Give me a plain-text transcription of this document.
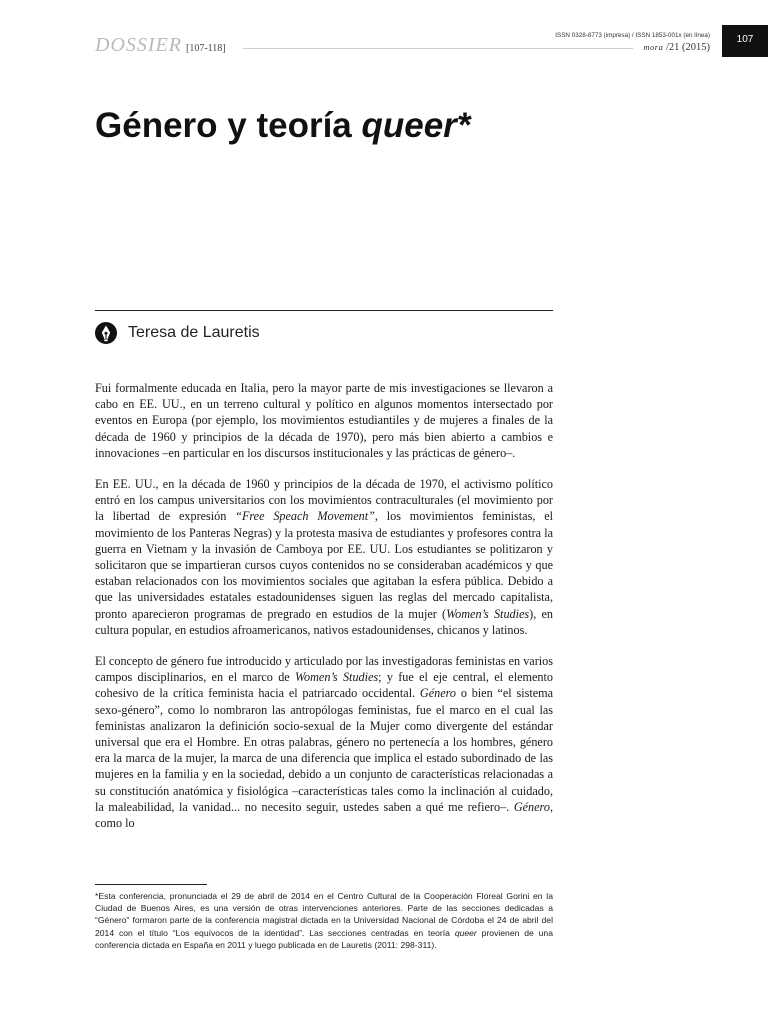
DOSSIER [107-118]
ISSN 0328-8773 (impresa) / ISSN 1853-001x (en línea)
mora /21 (2015)
107
Género y teoría queer*
Teresa de Lauretis

Fui formalmente educada en Italia, pero la mayor parte de mis investigaciones se llevaron a cabo en EE. UU., en un terreno cultural y político en algunos momentos intersectado por eventos en Europa (por ejemplo, los movimientos estudiantiles y de mujeres a finales de la década de 1960 y principios de la década de 1970), pero más bien abierto a cambios e innovaciones –en particular en los discursos institucionales y las prácticas de género–.

En EE. UU., en la década de 1960 y principios de la década de 1970, el activismo político entró en los campus universitarios con los movimientos contraculturales (el movimiento por la libertad de expresión “Free Speach Movement”, los movimientos feministas, el movimiento de los Panteras Negras) y la protesta masiva de estudiantes y profesores contra la guerra en Vietnam y la invasión de Camboya por EE. UU. Los estudiantes se politizaron y solicitaron que se impartieran cursos cuyos contenidos no se consideraban académicos y que estaban relacionados con los movimientos sociales que agitaban la esfera pública. Debido a que las universidades estatales estadounidenses siguen las reglas del mercado capitalista, pronto aparecieron programas de pregrado en estudios de la mujer (Women’s Studies), en cultura popular, en estudios afroamericanos, nativos estadounidenses, chicanos y latinos.

El concepto de género fue introducido y articulado por las investigadoras feministas en varios campos disciplinarios, en el marco de Women’s Studies; y fue el eje central, el elemento cohesivo de la crítica feminista hacia el patriarcado occidental. Género o bien “el sistema sexo-género”, como lo nombraron las antropólogas feministas, fue el marco en el cual las feministas analizaron la definición socio-sexual de la Mujer como divergente del estándar universal que era el Hombre. En otras palabras, género no pertenecía a los hombres, género era la marca de la mujer, la marca de una diferencia que implica el estado subordinado de las mujeres en la familia y en la sociedad, debido a un conjunto de características relacionadas a su constitución anatómica y fisiológica –características tales como la inclinación al cuidado, la maleabilidad, la vanidad... no necesito seguir, ustedes saben a qué me refiero–. Género, como lo

*Esta conferencia, pronunciada el 29 de abril de 2014 en el Centro Cultural de la Cooperación Floreal Gorini en la Ciudad de Buenos Aires, es una versión de otras intervenciones anteriores. Parte de las secciones dedicadas a “Género” formaron parte de la conferencia magistral dictada en la Universidad Nacional de Córdoba el 24 de abril del 2014 con el título “Los equívocos de la identidad”. Las secciones centradas en teoría queer provienen de una conferencia dictada en España en 2011 y luego publicada en de Lauretis (2011: 298-311).
